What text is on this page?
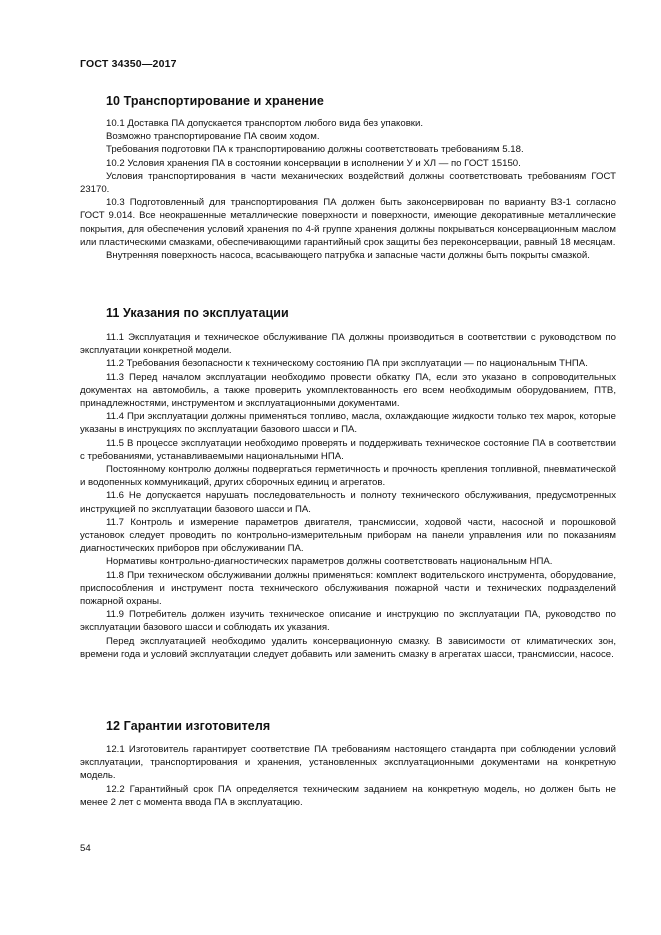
ГОСТ 34350—2017
10 Транспортирование и хранение

10.1 Доставка ПА допускается транспортом любого вида без упаковки.

Возможно транспортирование ПА своим ходом.

Требования подготовки ПА к транспортированию должны соответствовать требованиям 5.18.

10.2 Условия хранения ПА в состоянии консервации в исполнении У и ХЛ — по ГОСТ 15150.

Условия транспортирования в части механических воздействий должны соответствовать требованиям ГОСТ 23170.

10.3 Подготовленный для транспортирования ПА должен быть законсервирован по варианту ВЗ-1 согласно ГОСТ 9.014. Все неокрашенные металлические поверхности и поверхности, имеющие декоративные металлические покрытия, для обеспечения условий хранения по 4-й группе хранения должны покрываться консервационным маслом или пластическими смазками, обеспечивающими гарантийный срок защиты без переконсервации, равный 18 месяцам.

Внутренняя поверхность насоса, всасывающего патрубка и запасные части должны быть покрыты смазкой.

11 Указания по эксплуатации

11.1 Эксплуатация и техническое обслуживание ПА должны производиться в соответствии с руководством по эксплуатации конкретной модели.

11.2 Требования безопасности к техническому состоянию ПА при эксплуатации — по национальным ТНПА.

11.3 Перед началом эксплуатации необходимо провести обкатку ПА, если это указано в сопроводительных документах на автомобиль, а также проверить укомплектованность его всем необходимым оборудованием, ПТВ, принадлежностями, инструментом и эксплуатационными документами.

11.4 При эксплуатации должны применяться топливо, масла, охлаждающие жидкости только тех марок, которые указаны в инструкциях по эксплуатации базового шасси и ПА.

11.5 В процессе эксплуатации необходимо проверять и поддерживать техническое состояние ПА в соответствии с требованиями, устанавливаемыми национальными НПА.

Постоянному контролю должны подвергаться герметичность и прочность крепления топливной, пневматической и водопенных коммуникаций, других сборочных единиц и агрегатов.

11.6 Не допускается нарушать последовательность и полноту технического обслуживания, предусмотренных инструкцией по эксплуатации базового шасси и ПА.

11.7 Контроль и измерение параметров двигателя, трансмиссии, ходовой части, насосной и порошковой установок следует проводить по контрольно-измерительным приборам на панели управления или по показаниям диагностических приборов при обслуживании ПА.

Нормативы контрольно-диагностических параметров должны соответствовать национальным НПА.

11.8 При техническом обслуживании должны применяться: комплект водительского инструмента, оборудование, приспособления и инструмент поста технического обслуживания пожарной части и технических подразделений пожарной охраны.

11.9 Потребитель должен изучить техническое описание и инструкцию по эксплуатации ПА, руководство по эксплуатации базового шасси и соблюдать их указания.

Перед эксплуатацией необходимо удалить консервационную смазку. В зависимости от климатических зон, времени года и условий эксплуатации следует добавить или заменить смазку в агрегатах шасси, трансмиссии, насосе.

12 Гарантии изготовителя

12.1 Изготовитель гарантирует соответствие ПА требованиям настоящего стандарта при соблюдении условий эксплуатации, транспортирования и хранения, установленных эксплуатационными документами на конкретную модель.

12.2 Гарантийный срок ПА определяется техническим заданием на конкретную модель, но должен быть не менее 2 лет с момента ввода ПА в эксплуатацию.

54
